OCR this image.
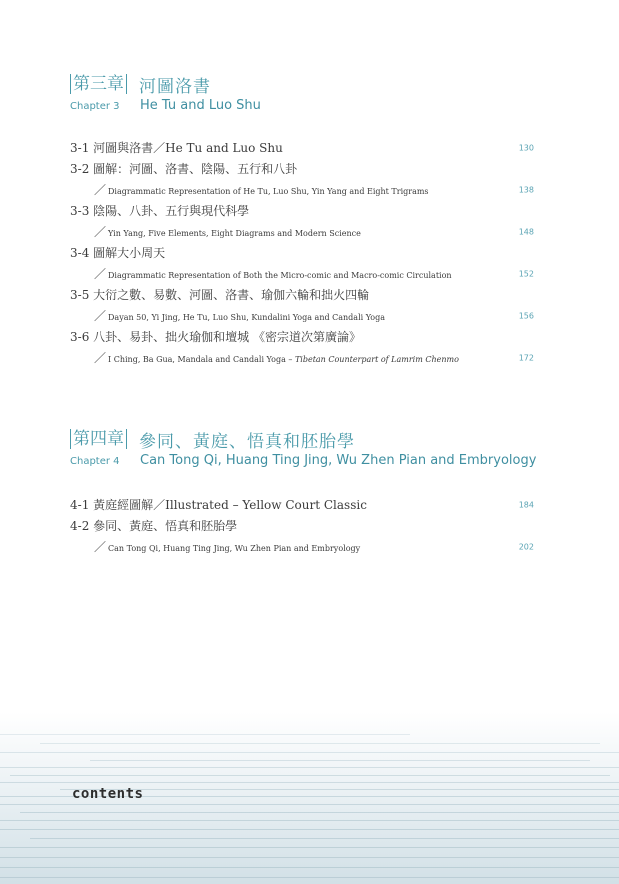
第三章 河圖洛書
Chapter 3	He Tu and Luo Shu
3-1 河圖與洛書／He Tu and Luo Shu	130
3-2 圖解：河圖、洛書、陰陽、五行和八卦
／ Diagrammatic Representation of He Tu, Luo Shu, Yin Yang and Eight Trigrams	138
3-3 陰陽、八卦、五行與現代科學
／ Yin Yang, Five Elements, Eight Diagrams and Modern Science	148
3-4 圖解大小周天
／ Diagrammatic Representation of Both the Micro-comic and Macro-comic Circulation	152
3-5 大衍之數、易數、河圖、洛書、瑜伽六輪和拙火四輪
／ Dayan 50, Yi Jing, He Tu, Luo Shu, Kundalini Yoga and Candali Yoga	156
3-6 八卦、易卦、拙火瑜伽和壇城 《密宗道次第廣論》
／ I Ching, Ba Gua, Mandala and Candali Yoga – Tibetan Counterpart of Lamrim Chenmo	172
第四章 參同、黃庭、悟真和胚胎學
Chapter 4	Can Tong Qi, Huang Ting Jing, Wu Zhen Pian and Embryology
4-1 黃庭經圖解／Illustrated – Yellow Court Classic	184
4-2 參同、黃庭、悟真和胚胎學
／ Can Tong Qi, Huang Ting Jing, Wu Zhen Pian and Embryology	202
contents
